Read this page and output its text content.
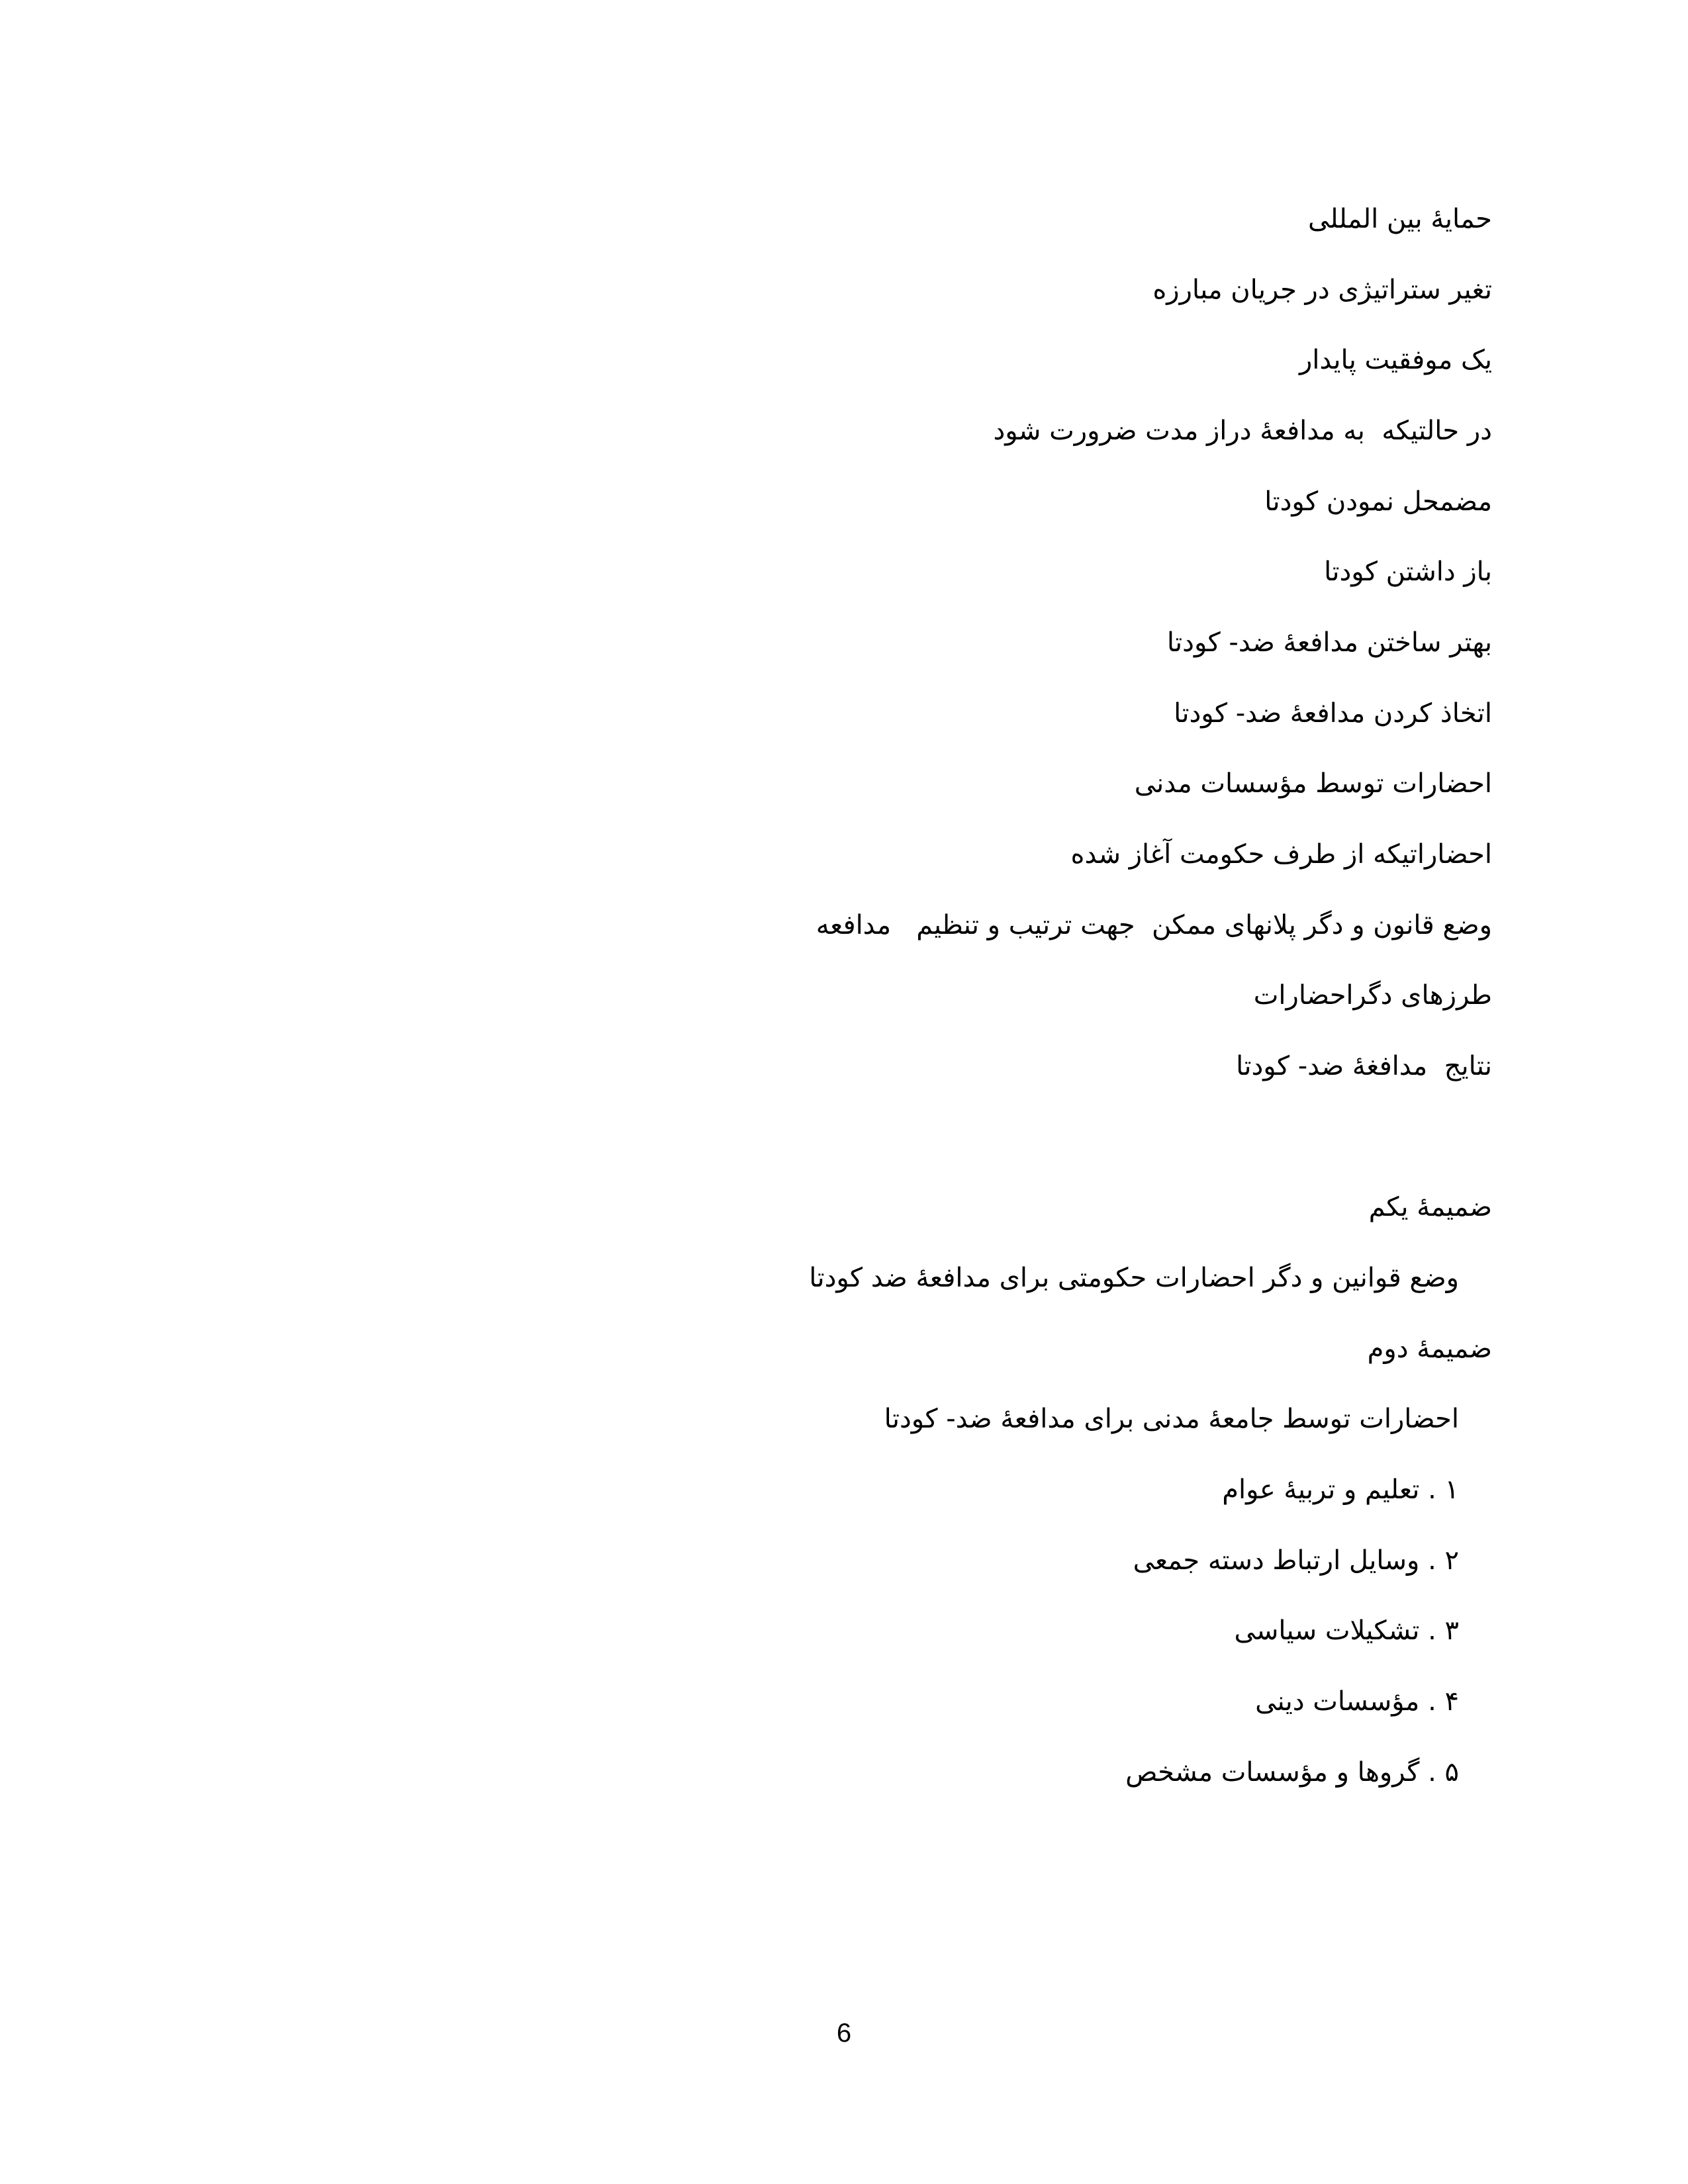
حمایۀ بین المللی

تغیر ستراتیژی در جریان مبارزه

یک موفقیت پایدار

در حالتیکه  به مدافعۀ دراز مدت ضرورت شود

مضمحل نمودن کودتا

باز داشتن کودتا

بهتر ساختن مدافعۀ ضد- کودتا

اتخاذ کردن مدافعۀ ضد- کودتا

احضارات توسط مؤسسات مدنی

احضاراتیکه از طرف حکومت آغاز شده

وضع قانون و دگر پلانهای ممکن  جهت ترتیب و تنظیم   مدافعه

طرزهای دگراحضارات

نتایج  مدافغۀ ضد- کودتا

ضمیمۀ یکم

وضع قوانین و دگر احضارات حکومتی برای مدافعۀ ضد کودتا

ضمیمۀ دوم

احضارات توسط جامعۀ مدنی برای مدافعۀ ضد- کودتا

١ . تعلیم و تربیۀ عوام

٢ . وسایل ارتباط دسته جمعی

٣ . تشکیلات سیاسی

۴ . مؤسسات دینی

۵ . گروها و مؤسسات مشخص

6
